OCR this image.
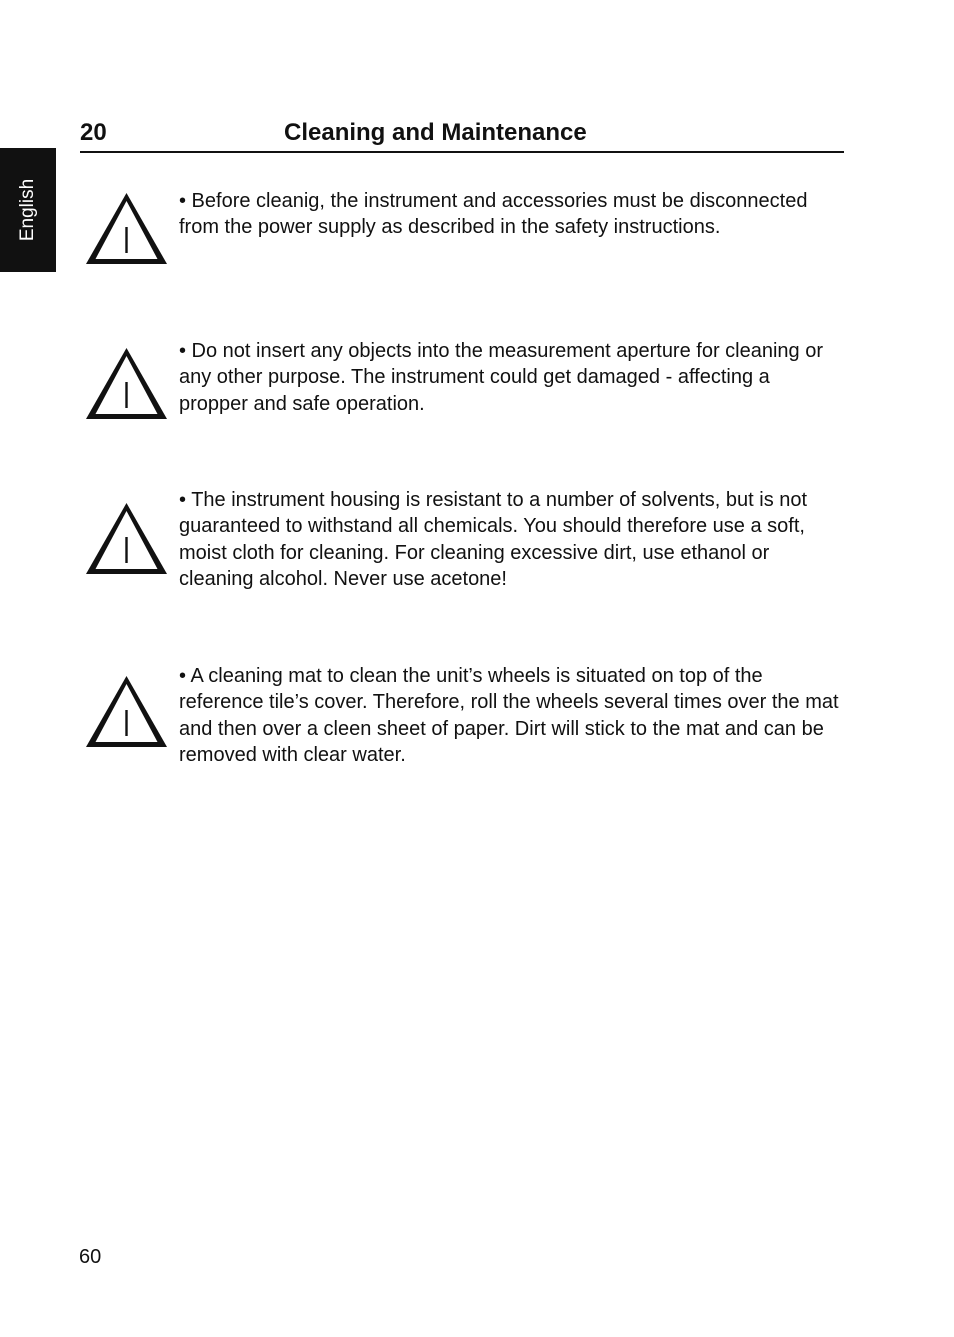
English
20	Cleaning and Maintenance

• Before cleanig, the instrument and accessories must be disconnected from the power supply as described in the safety instructions.

• Do not insert any objects into the measurement aperture for cleaning or any other purpose. The instrument could get damaged - affecting a propper and safe operation.

• The instrument housing is resistant to a number of solvents, but is not guaranteed to withstand all chemicals. You should therefore use a soft, moist cloth for cleaning. For cleaning excessive dirt, use ethanol or cleaning alcohol. Never use acetone!

• A cleaning mat to clean the unit’s wheels is situated on top of the reference tile’s cover. Therefore, roll the wheels several times over the mat and then over a cleen sheet of paper. Dirt will stick to the mat and can be removed with clear water.

60
